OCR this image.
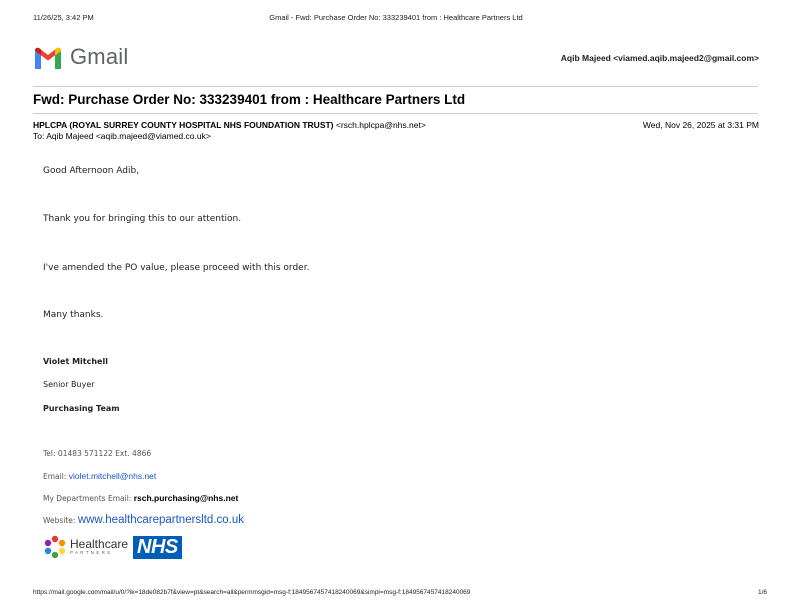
11/26/25, 3:42 PM	Gmail - Fwd: Purchase Order No: 333239401 from : Healthcare Partners Ltd
Gmail	Aqib Majeed <viamed.aqib.majeed2@gmail.com>
Fwd: Purchase Order No: 333239401 from : Healthcare Partners Ltd
HPLCPA (ROYAL SURREY COUNTY HOSPITAL NHS FOUNDATION TRUST) <rsch.hplcpa@nhs.net>	Wed, Nov 26, 2025 at 3:31 PM
To: Aqib Majeed <aqib.majeed@viamed.co.uk>
Good Afternoon Adib,
Thank you for bringing this to our attention.
I've amended the PO value, please proceed with this order.
Many thanks.
Violet Mitchell
Senior Buyer
Purchasing Team
Tel: 01483 571122 Ext. 4866
Email: violet.mitchell@nhs.net
My Departments Email: rsch.purchasing@nhs.net
Website: www.healthcarepartnersltd.co.uk
Healthcare
PARTNERS	NHS
https://mail.google.com/mail/u/0/?ik=18de082b7f&view=pt&search=all&permmsgid=msg-f:1849567457418240069&simpl=msg-f:1849567457418240069	1/6
